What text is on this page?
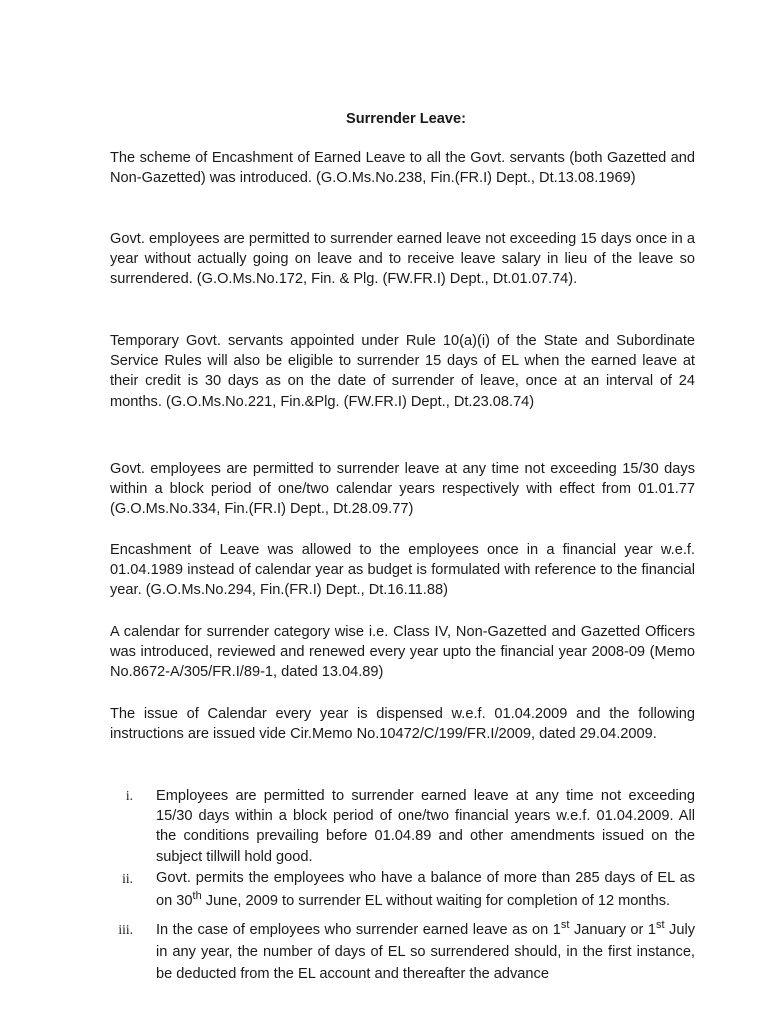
Surrender Leave:

The scheme of Encashment of Earned Leave to all the Govt. servants (both Gazetted and Non-Gazetted) was introduced. (G.O.Ms.No.238, Fin.(FR.I) Dept., Dt.13.08.1969)

Govt. employees are permitted to surrender earned leave not exceeding 15 days once in a year without actually going on leave and to receive leave salary in lieu of the leave so surrendered. (G.O.Ms.No.172, Fin. & Plg. (FW.FR.I) Dept., Dt.01.07.74).

Temporary Govt. servants appointed under Rule 10(a)(i) of the State and Subordinate Service Rules will also be eligible to surrender 15 days of EL when the earned leave at their credit is 30 days as on the date of surrender of leave, once at an interval of 24 months. (G.O.Ms.No.221, Fin.&Plg. (FW.FR.I) Dept., Dt.23.08.74)

Govt. employees are permitted to surrender leave at any time not exceeding 15/30 days within a block period of one/two calendar years respectively with effect from 01.01.77 (G.O.Ms.No.334, Fin.(FR.I) Dept., Dt.28.09.77)

Encashment of Leave was allowed to the employees once in a financial year w.e.f. 01.04.1989 instead of calendar year as budget is formulated with reference to the financial year. (G.O.Ms.No.294, Fin.(FR.I) Dept., Dt.16.11.88)

A calendar for surrender category wise i.e. Class IV, Non-Gazetted and Gazetted Officers was introduced, reviewed and renewed every year upto the financial year 2008-09 (Memo No.8672-A/305/FR.I/89-1, dated 13.04.89)

The issue of Calendar every year is dispensed w.e.f. 01.04.2009 and the following instructions are issued vide Cir.Memo No.10472/C/199/FR.I/2009, dated 29.04.2009.

i.	Employees are permitted to surrender earned leave at any time not exceeding 15/30 days within a block period of one/two financial years w.e.f. 01.04.2009. All the conditions prevailing before 01.04.89 and other amendments issued on the subject tillwill hold good.
ii.	Govt. permits the employees who have a balance of more than 285 days of EL as on 30th June, 2009 to surrender EL without waiting for completion of 12 months.
iii.	In the case of employees who surrender earned leave as on 1st January or 1st July in any year, the number of days of EL so surrendered should, in the first instance, be deducted from the EL account and thereafter the advance
